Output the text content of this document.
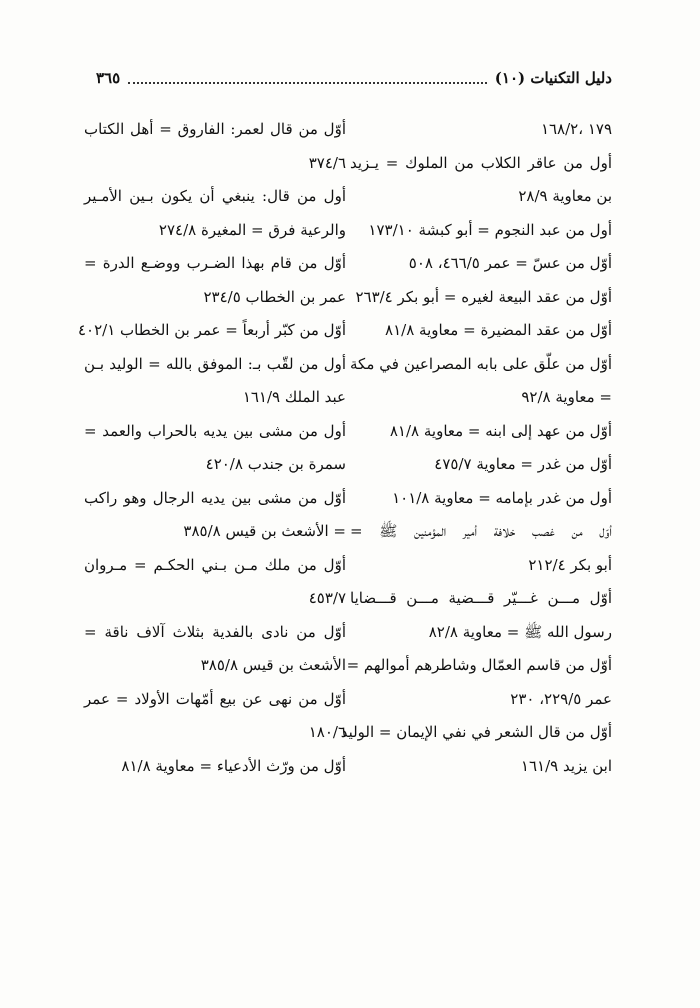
دليل التكنيات (١٠)
٣٦٥
١٧٩ ،١٦٨/٢
أول من عاقر الكلاب من الملوك = يـزيد
بن معاوية ٢٨/٩
أول من عبد النجوم = أبو كبشة ١٧٣/١٠
أوّل من عسّ = عمر ٤٦٦/٥، ٥٠٨
أوّل من عقد البيعة لغيره = أبو بكر ٢٦٣/٤
أوّل من عقد المضيرة = معاوية ٨١/٨
أوّل من علّق على بابه المصراعين في مكة
= معاوية ٩٢/٨
أوّل من عهد إلى ابنه = معاوية ٨١/٨
أوّل من غدر = معاوية ٤٧٥/٧
أول من غدر بإمامه = معاوية ١٠١/٨
أوّل من غصب خلافة أمير المؤمنين ﷺ =
أبو بكر ٢١٢/٤
أوّل مـــن غـــيّر قـــضية مـــن قـــضايا
رسول الله ﷺ = معاوية ٨٢/٨
أوّل من قاسم العمّال وشاطرهم أموالهم =
عمر ٢٢٩/٥، ٢٣٠
أوّل من قال الشعر في نفي الإيمان = الوليد
ابن يزيد ١٦١/٩
أوّل من قال لعمر: الفاروق = أهل الكتاب
٣٧٤/٦
أول من قال: ينبغي أن يكون بـين الأمـير
والرعية فرق = المغيرة ٢٧٤/٨
أوّل من قام بهذا الضـرب ووضـع الدرة =
عمر بن الخطاب ٢٣٤/٥
أوّل من كبّر أربعاً = عمر بن الخطاب ٤٠٢/١
أول من لقّب بـ: الموفق بالله = الوليد بـن
عبد الملك ١٦١/٩
أول من مشى بين يديه بالحراب والعمد =
سمرة بن جندب ٤٢٠/٨
أوّل من مشى بين يديه الرجال وهو راكب
= الأشعث بن قيس ٣٨٥/٨
أوّل من ملك مـن بـني الحكـم = مـروان
٤٥٣/٧
أوّل من نادى بالفدية بثلاث آلاف ناقة =
الأشعث بن قيس ٣٨٥/٨
أوّل من نهى عن بيع أمّهات الأولاد = عمر
١٨٠/٦
أوّل من ورّث الأدعياء = معاوية ٨١/٨
